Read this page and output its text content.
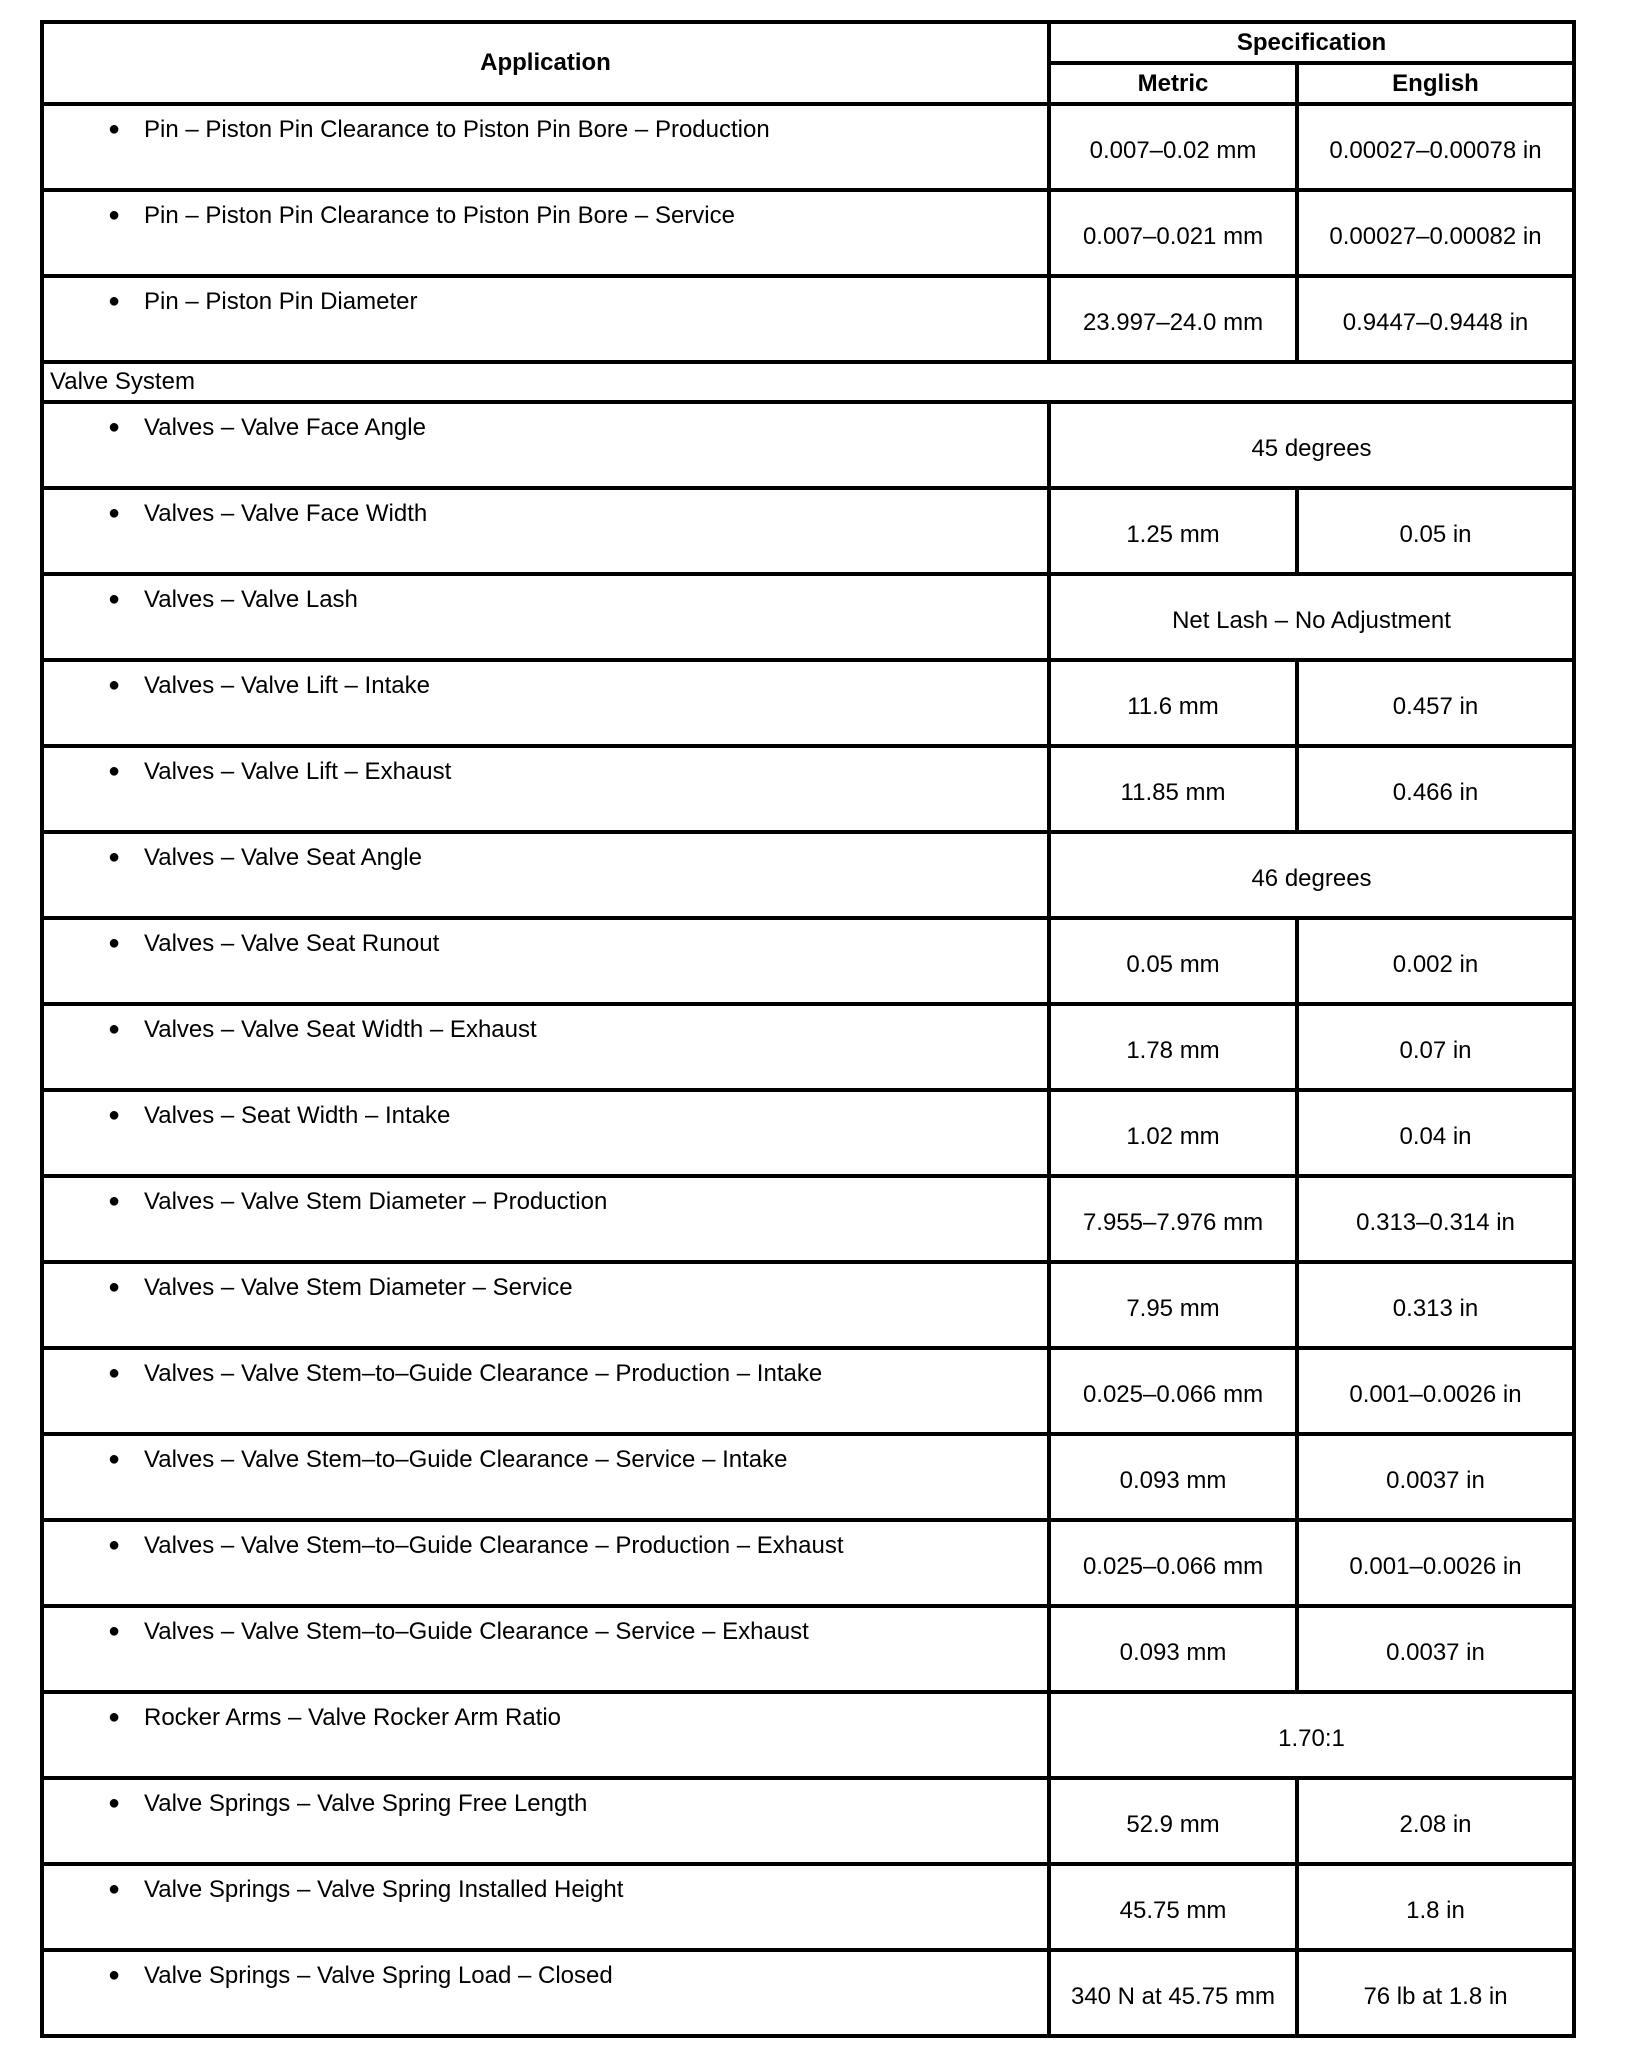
Application	Specification	
	Metric	English
● Pin – Piston Pin Clearance to Piston Pin Bore – Production	0.007–0.02 mm	0.00027–0.00078 in
● Pin – Piston Pin Clearance to Piston Pin Bore – Service	0.007–0.021 mm	0.00027–0.00082 in
● Pin – Piston Pin Diameter	23.997–24.0 mm	0.9447–0.9448 in
Valve System		
● Valves – Valve Face Angle	45 degrees	
● Valves – Valve Face Width	1.25 mm	0.05 in
● Valves – Valve Lash	Net Lash – No Adjustment	
● Valves – Valve Lift – Intake	11.6 mm	0.457 in
● Valves – Valve Lift – Exhaust	11.85 mm	0.466 in
● Valves – Valve Seat Angle	46 degrees	
● Valves – Valve Seat Runout	0.05 mm	0.002 in
● Valves – Valve Seat Width – Exhaust	1.78 mm	0.07 in
● Valves – Seat Width – Intake	1.02 mm	0.04 in
● Valves – Valve Stem Diameter – Production	7.955–7.976 mm	0.313–0.314 in
● Valves – Valve Stem Diameter – Service	7.95 mm	0.313 in
● Valves – Valve Stem–to–Guide Clearance – Production – Intake	0.025–0.066 mm	0.001–0.0026 in
● Valves – Valve Stem–to–Guide Clearance – Service – Intake	0.093 mm	0.0037 in
● Valves – Valve Stem–to–Guide Clearance – Production – Exhaust	0.025–0.066 mm	0.001–0.0026 in
● Valves – Valve Stem–to–Guide Clearance – Service – Exhaust	0.093 mm	0.0037 in
● Rocker Arms – Valve Rocker Arm Ratio	1.70:1	
● Valve Springs – Valve Spring Free Length	52.9 mm	2.08 in
● Valve Springs – Valve Spring Installed Height	45.75 mm	1.8 in
● Valve Springs – Valve Spring Load – Closed	340 N at 45.75 mm	76 lb at 1.8 in
